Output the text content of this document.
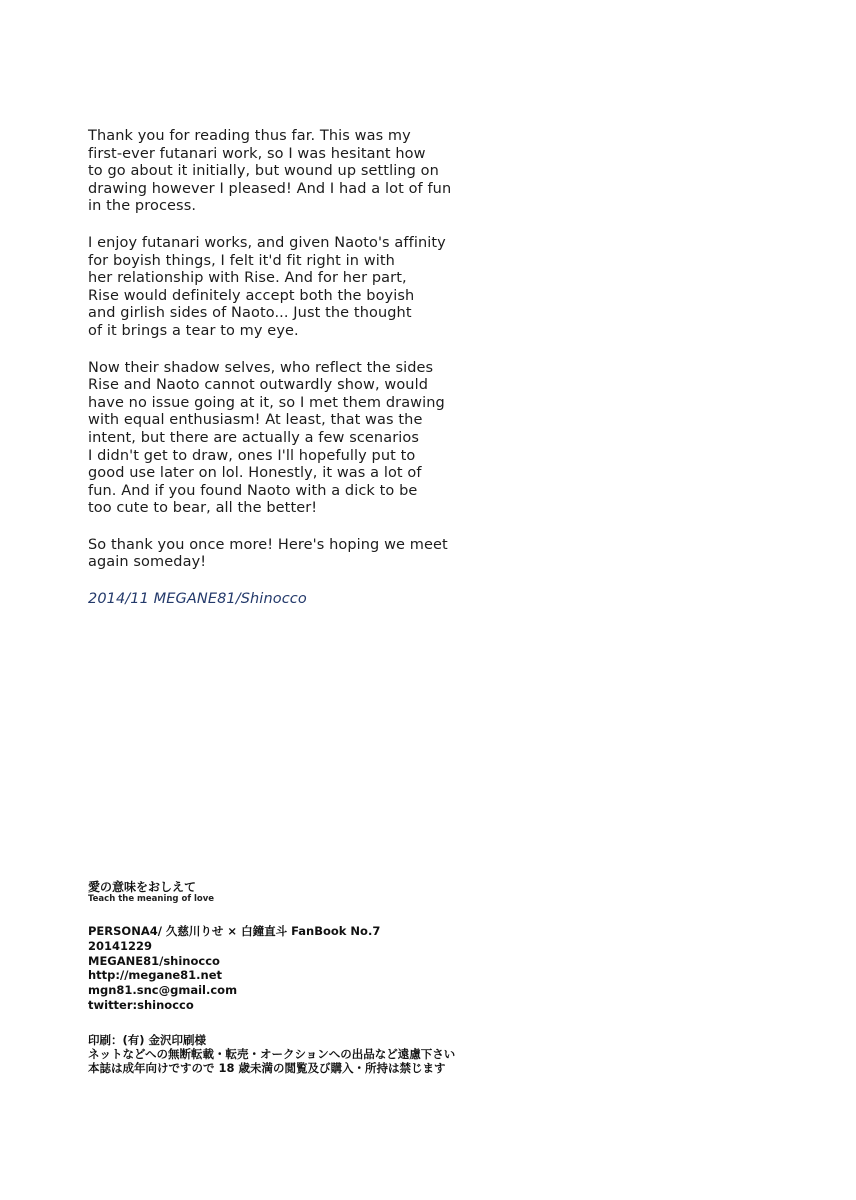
Thank you for reading thus far. This was my
first-ever futanari work, so I was hesitant how
to go about it initially, but wound up settling on
drawing however I pleased! And I had a lot of fun
in the process.

I enjoy futanari works, and given Naoto's affinity
for boyish things, I felt it'd fit right in with
her relationship with Rise. And for her part,
Rise would definitely accept both the boyish
and girlish sides of Naoto... Just the thought
of it brings a tear to my eye.

Now their shadow selves, who reflect the sides
Rise and Naoto cannot outwardly show, would
have no issue going at it, so I met them drawing
with equal enthusiasm! At least, that was the
intent, but there are actually a few scenarios
I didn't get to draw, ones I'll hopefully put to
good use later on lol. Honestly, it was a lot of
fun. And if you found Naoto with a dick to be
too cute to bear, all the better!

So thank you once more! Here's hoping we meet
again someday!

2014/11 MEGANE81/Shinocco
愛の意味をおしえて
Teach the meaning of love
PERSONA4/ 久慈川りせ × 白鐘直斗 FanBook No.7
20141229
MEGANE81/shinocco
http://megane81.net
mgn81.snc@gmail.com
twitter:shinocco
印刷：(有) 金沢印刷様
ネットなどへの無断転載・転売・オークションへの出品など遠慮下さい
本誌は成年向けですので 18 歳未満の閲覧及び購入・所持は禁じます
